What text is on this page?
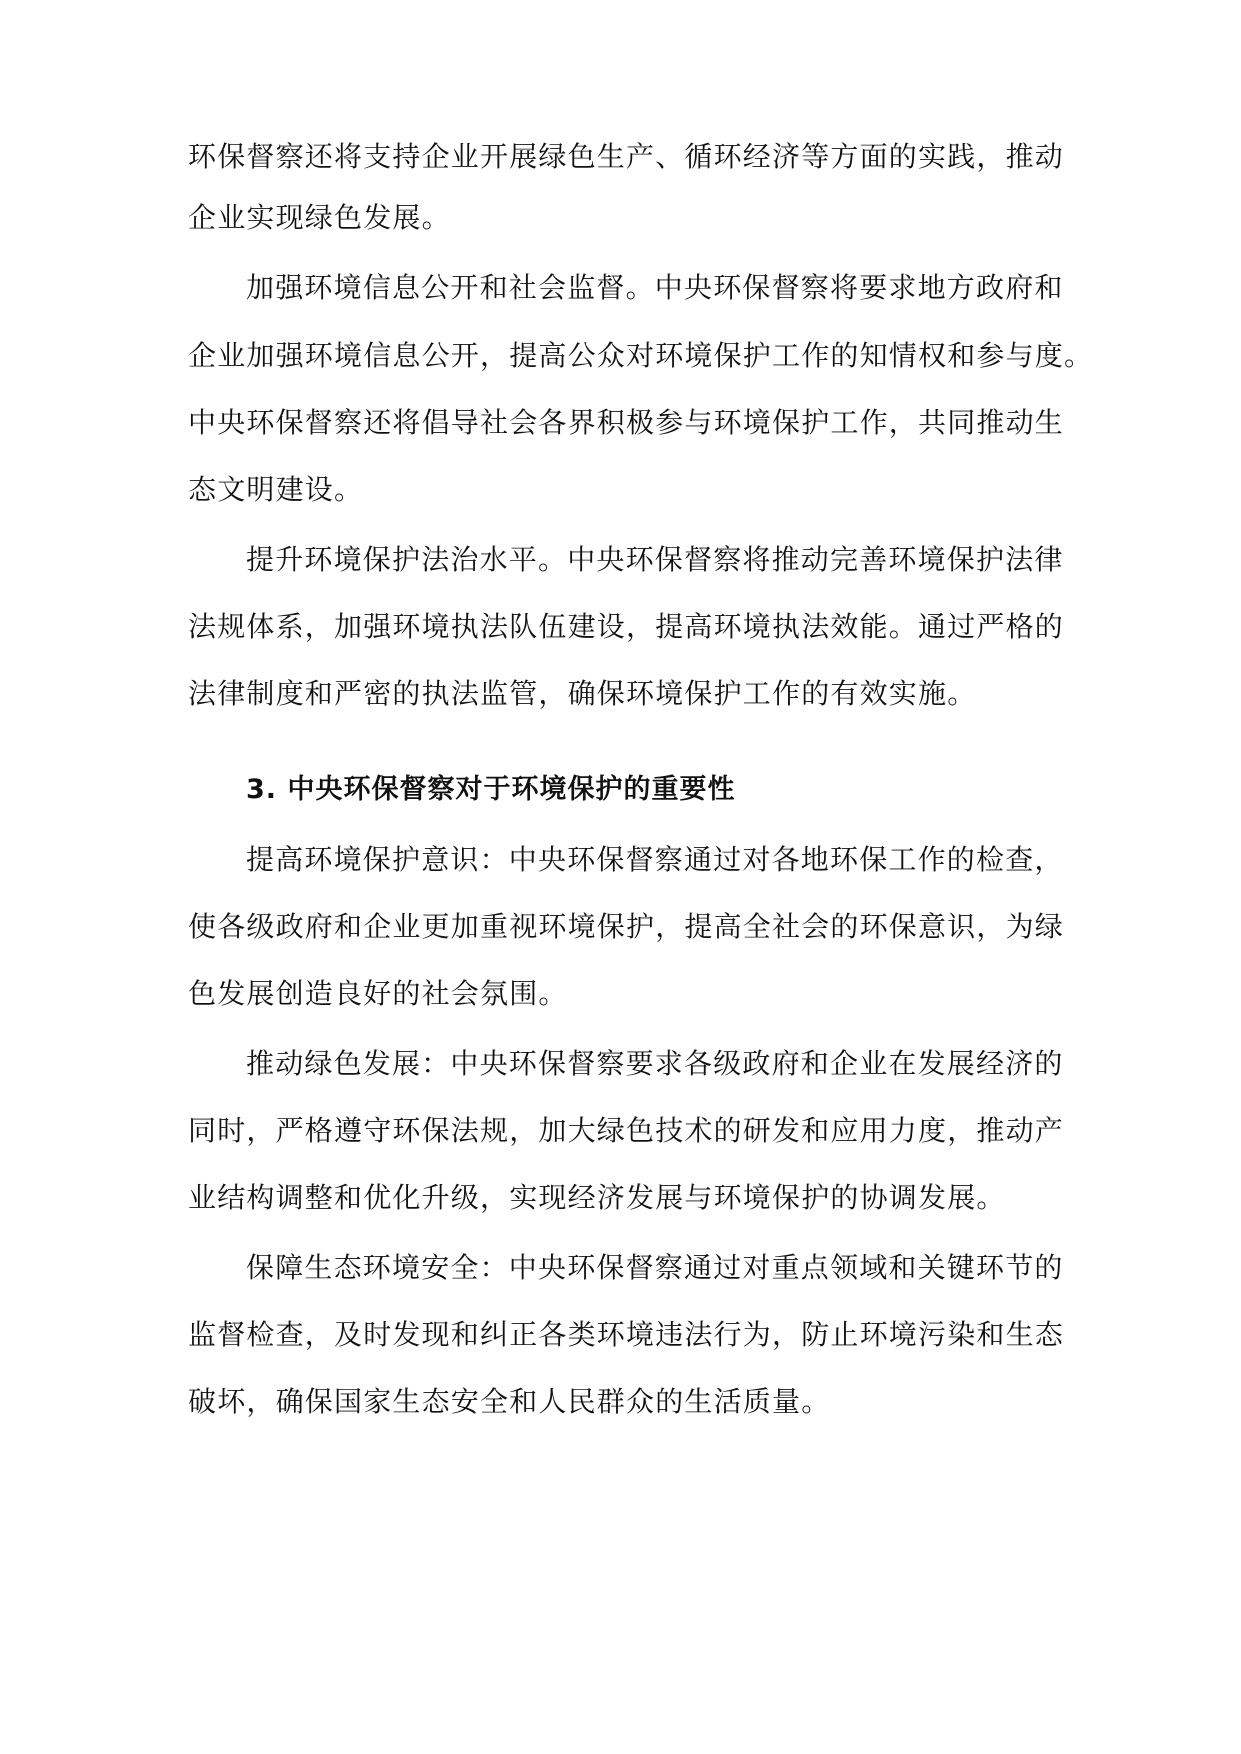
环保督察还将支持企业开展绿色生产、循环经济等方面的实践，推动
企业实现绿色发展。
加强环境信息公开和社会监督。中央环保督察将要求地方政府和
企业加强环境信息公开，提高公众对环境保护工作的知情权和参与度。
中央环保督察还将倡导社会各界积极参与环境保护工作，共同推动生
态文明建设。
提升环境保护法治水平。中央环保督察将推动完善环境保护法律
法规体系，加强环境执法队伍建设，提高环境执法效能。通过严格的
法律制度和严密的执法监管，确保环境保护工作的有效实施。
3. 中央环保督察对于环境保护的重要性
提高环境保护意识：中央环保督察通过对各地环保工作的检查，
使各级政府和企业更加重视环境保护，提高全社会的环保意识，为绿
色发展创造良好的社会氛围。
推动绿色发展：中央环保督察要求各级政府和企业在发展经济的
同时，严格遵守环保法规，加大绿色技术的研发和应用力度，推动产
业结构调整和优化升级，实现经济发展与环境保护的协调发展。
保障生态环境安全：中央环保督察通过对重点领域和关键环节的
监督检查，及时发现和纠正各类环境违法行为，防止环境污染和生态
破坏，确保国家生态安全和人民群众的生活质量。
